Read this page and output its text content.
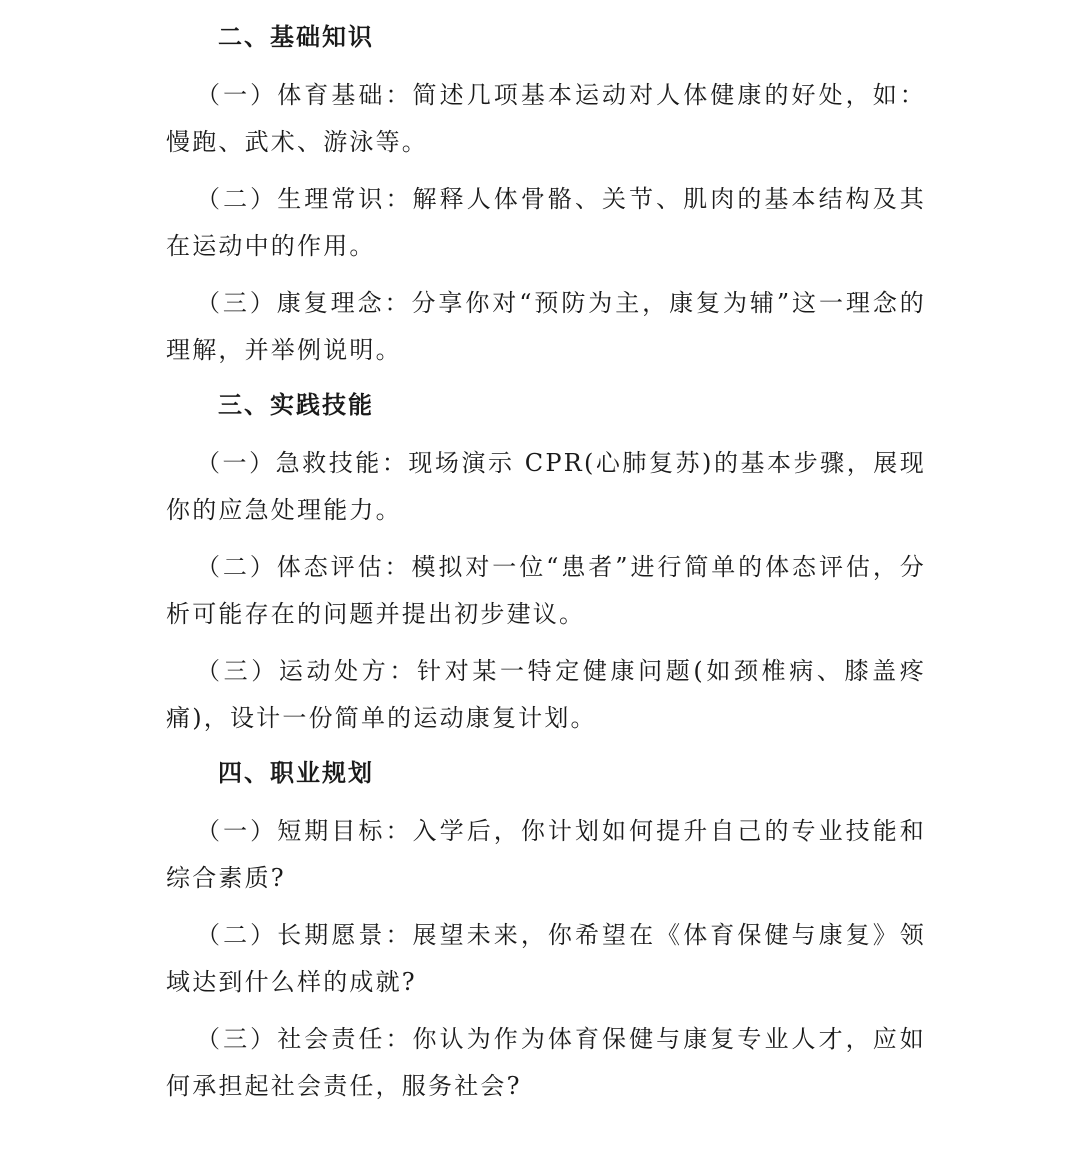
二、基础知识

（一）体育基础：简述几项基本运动对人体健康的好处，如：慢跑、武术、游泳等。

（二）生理常识：解释人体骨骼、关节、肌肉的基本结构及其在运动中的作用。

（三）康复理念：分享你对“预防为主，康复为辅”这一理念的理解，并举例说明。

三、实践技能

（一）急救技能：现场演示 CPR(心肺复苏)的基本步骤，展现你的应急处理能力。

（二）体态评估：模拟对一位“患者”进行简单的体态评估，分析可能存在的问题并提出初步建议。

（三）运动处方：针对某一特定健康问题(如颈椎病、膝盖疼痛)，设计一份简单的运动康复计划。

四、职业规划

（一）短期目标：入学后，你计划如何提升自己的专业技能和综合素质?

（二）长期愿景：展望未来，你希望在《体育保健与康复》领域达到什么样的成就?

（三）社会责任：你认为作为体育保健与康复专业人才，应如何承担起社会责任，服务社会?
